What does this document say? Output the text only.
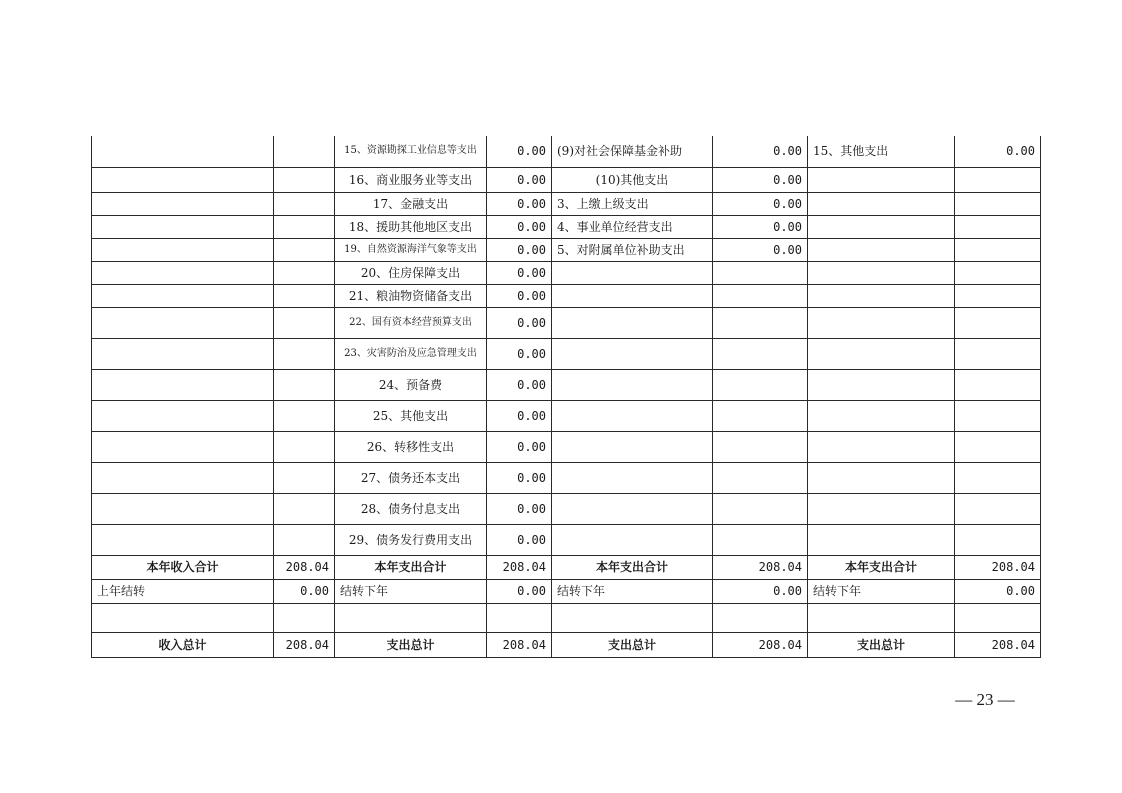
		15、资源勘探工业信息等支出	0.00	(9)对社会保障基金补助	0.00	15、其他支出	0.00
		16、商业服务业等支出	0.00	(10)其他支出	0.00		
		17、金融支出	0.00	3、上缴上级支出	0.00		
		18、援助其他地区支出	0.00	4、事业单位经营支出	0.00		
		19、自然资源海洋气象等支出	0.00	5、对附属单位补助支出	0.00		
		20、住房保障支出	0.00				
		21、粮油物资储备支出	0.00				
		22、国有资本经营预算支出	0.00				
		23、灾害防治及应急管理支出	0.00				
		24、预备费	0.00				
		25、其他支出	0.00				
		26、转移性支出	0.00				
		27、债务还本支出	0.00				
		28、债务付息支出	0.00				
		29、债务发行费用支出	0.00				
本年收入合计	208.04	本年支出合计	208.04	本年支出合计	208.04	本年支出合计	208.04
上年结转	0.00	结转下年	0.00	结转下年	0.00	结转下年	0.00

收入总计	208.04	支出总计	208.04	支出总计	208.04	支出总计	208.04
— 23 —
